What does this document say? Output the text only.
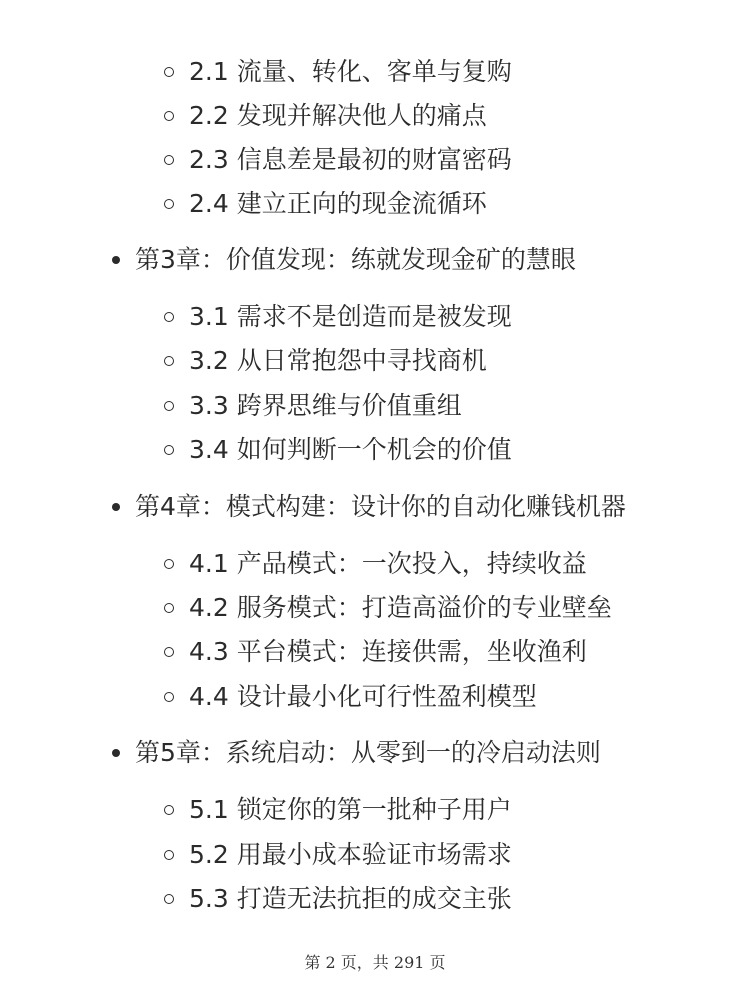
2.1 流量、转化、客单与复购
2.2 发现并解决他人的痛点
2.3 信息差是最初的财富密码
2.4 建立正向的现金流循环
第3章：价值发现：练就发现金矿的慧眼
3.1 需求不是创造而是被发现
3.2 从日常抱怨中寻找商机
3.3 跨界思维与价值重组
3.4 如何判断一个机会的价值
第4章：模式构建：设计你的自动化赚钱机器
4.1 产品模式：一次投入，持续收益
4.2 服务模式：打造高溢价的专业壁垒
4.3 平台模式：连接供需，坐收渔利
4.4 设计最小化可行性盈利模型
第5章：系统启动：从零到一的冷启动法则
5.1 锁定你的第一批种子用户
5.2 用最小成本验证市场需求
5.3 打造无法抗拒的成交主张
第 2 页，共 291 页
